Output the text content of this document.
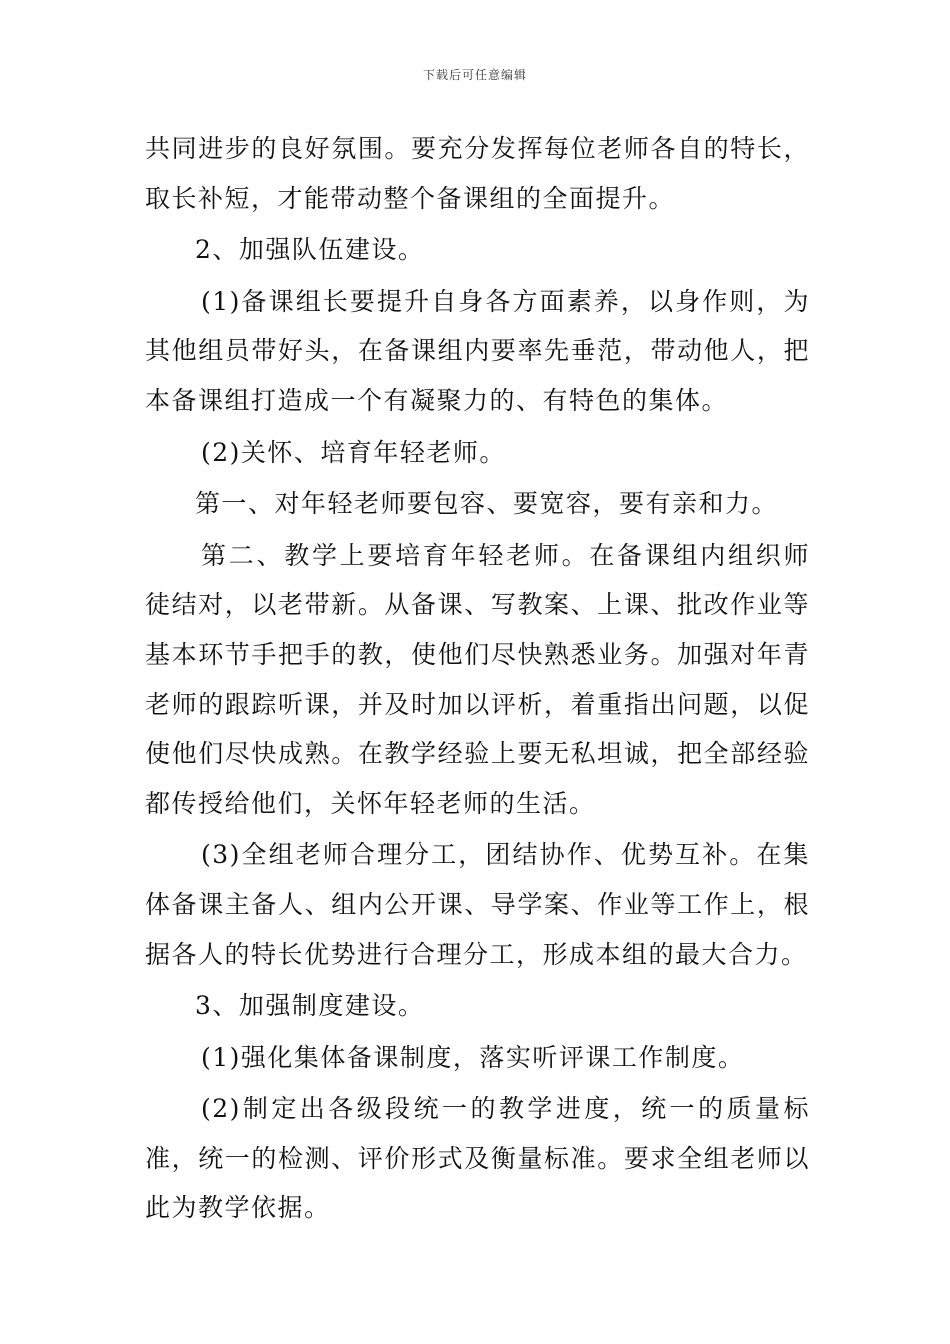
下载后可任意编辑

共同进步的良好氛围。要充分发挥每位老师各自的特长，取长补短，才能带动整个备课组的全面提升。

2、加强队伍建设。

(1)备课组长要提升自身各方面素养，以身作则，为其他组员带好头，在备课组内要率先垂范，带动他人，把本备课组打造成一个有凝聚力的、有特色的集体。

(2)关怀、培育年轻老师。

第一、对年轻老师要包容、要宽容，要有亲和力。

第二、教学上要培育年轻老师。在备课组内组织师徒结对，以老带新。从备课、写教案、上课、批改作业等基本环节手把手的教，使他们尽快熟悉业务。加强对年青老师的跟踪听课，并及时加以评析，着重指出问题，以促使他们尽快成熟。在教学经验上要无私坦诚，把全部经验都传授给他们，关怀年轻老师的生活。

(3)全组老师合理分工，团结协作、优势互补。在集体备课主备人、组内公开课、导学案、作业等工作上，根据各人的特长优势进行合理分工，形成本组的最大合力。

3、加强制度建设。

(1)强化集体备课制度，落实听评课工作制度。

(2)制定出各级段统一的教学进度，统一的质量标准，统一的检测、评价形式及衡量标准。要求全组老师以此为教学依据。
